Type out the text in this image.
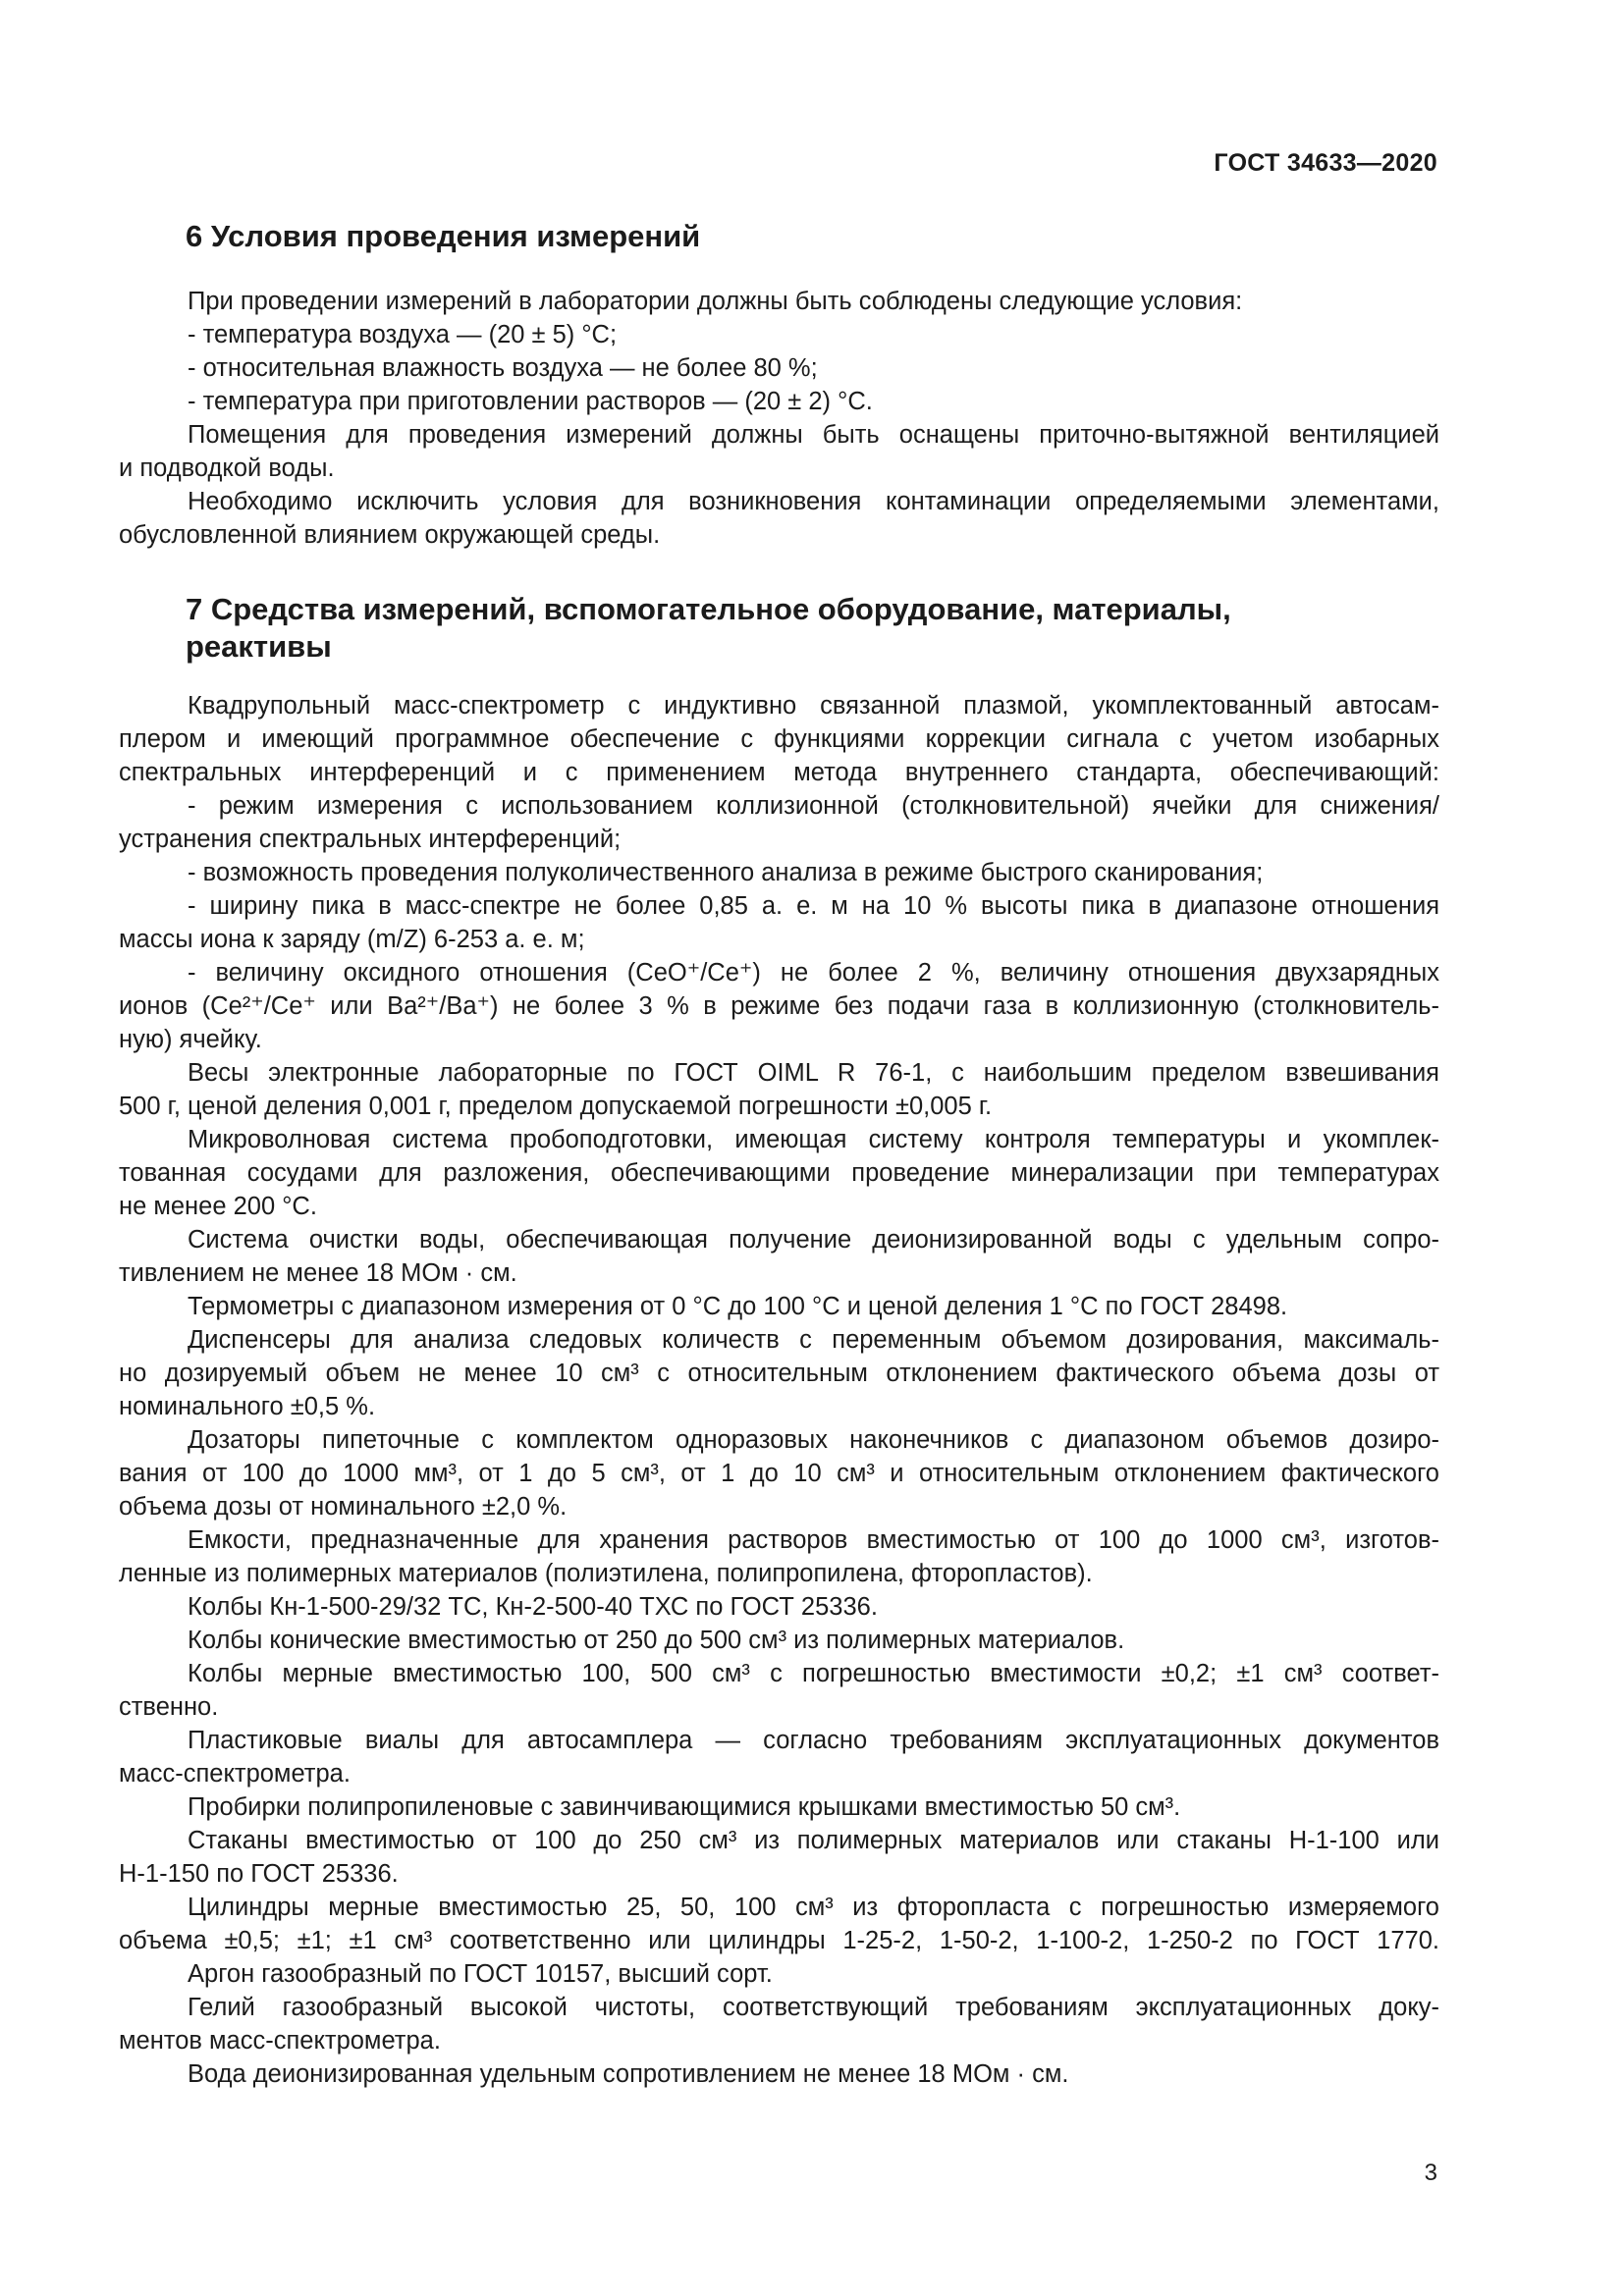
ГОСТ 34633—2020
6 Условия проведения измерений
При проведении измерений в лаборатории должны быть соблюдены следующие условия:
- температура воздуха — (20 ± 5) °С;
- относительная влажность воздуха — не более 80 %;
- температура при приготовлении растворов — (20 ± 2) °С.
Помещения для проведения измерений должны быть оснащены приточно-вытяжной вентиляцией
и подводкой воды.
Необходимо исключить условия для возникновения контаминации определяемыми элементами,
обусловленной влиянием окружающей среды.
7 Средства измерений, вспомогательное оборудование, материалы,
реактивы
Квадрупольный масс-спектрометр с индуктивно связанной плазмой, укомплектованный автосам-
плером и имеющий программное обеспечение с функциями коррекции сигнала с учетом изобарных
спектральных интерференций и с применением метода внутреннего стандарта, обеспечивающий:
- режим измерения с использованием коллизионной (столкновительной) ячейки для снижения/
устранения спектральных интерференций;
- возможность проведения полуколичественного анализа в режиме быстрого сканирования;
- ширину пика в масс-спектре не более 0,85 а. е. м на 10 % высоты пика в диапазоне отношения
массы иона к заряду (m/Z) 6-253 а. е. м;
- величину оксидного отношения (CeO⁺/Ce⁺) не более 2 %, величину отношения двухзарядных
ионов (Ce²⁺/Ce⁺ или Ba²⁺/Ba⁺) не более 3 % в режиме без подачи газа в коллизионную (столкновитель-
ную) ячейку.
Весы электронные лабораторные по ГОСТ OIML R 76-1, с наибольшим пределом взвешивания
500 г, ценой деления 0,001 г, пределом допускаемой погрешности ±0,005 г.
Микроволновая система пробоподготовки, имеющая систему контроля температуры и укомплек-
тованная сосудами для разложения, обеспечивающими проведение минерализации при температурах
не менее 200 °С.
Система очистки воды, обеспечивающая получение деионизированной воды с удельным сопро-
тивлением не менее 18 МОм · см.
Термометры с диапазоном измерения от 0 °С до 100 °С и ценой деления 1 °С по ГОСТ 28498.
Диспенсеры для анализа следовых количеств с переменным объемом дозирования, максималь-
но дозируемый объем не менее 10 см³ с относительным отклонением фактического объема дозы от
номинального ±0,5 %.
Дозаторы пипеточные с комплектом одноразовых наконечников с диапазоном объемов дозиро-
вания от 100 до 1000 мм³, от 1 до 5 см³, от 1 до 10 см³ и относительным отклонением фактического
объема дозы от номинального ±2,0 %.
Емкости, предназначенные для хранения растворов вместимостью от 100 до 1000 см³, изготов-
ленные из полимерных материалов (полиэтилена, полипропилена, фторопластов).
Колбы Кн-1-500-29/32 ТС, Кн-2-500-40 ТХС по ГОСТ 25336.
Колбы конические вместимостью от 250 до 500 см³ из полимерных материалов.
Колбы мерные вместимостью 100, 500 см³ с погрешностью вместимости ±0,2; ±1 см³ соответ-
ственно.
Пластиковые виалы для автосамплера — согласно требованиям эксплуатационных документов
масс-спектрометра.
Пробирки полипропиленовые с завинчивающимися крышками вместимостью 50 см³.
Стаканы вместимостью от 100 до 250 см³ из полимерных материалов или стаканы Н-1-100 или
Н-1-150 по ГОСТ 25336.
Цилиндры мерные вместимостью 25, 50, 100 см³ из фторопласта с погрешностью измеряемого
объема ±0,5; ±1; ±1 см³ соответственно или цилиндры 1-25-2, 1-50-2, 1-100-2, 1-250-2 по ГОСТ 1770.
Аргон газообразный по ГОСТ 10157, высший сорт.
Гелий газообразный высокой чистоты, соответствующий требованиям эксплуатационных доку-
ментов масс-спектрометра.
Вода деионизированная удельным сопротивлением не менее 18 МОм · см.
3
